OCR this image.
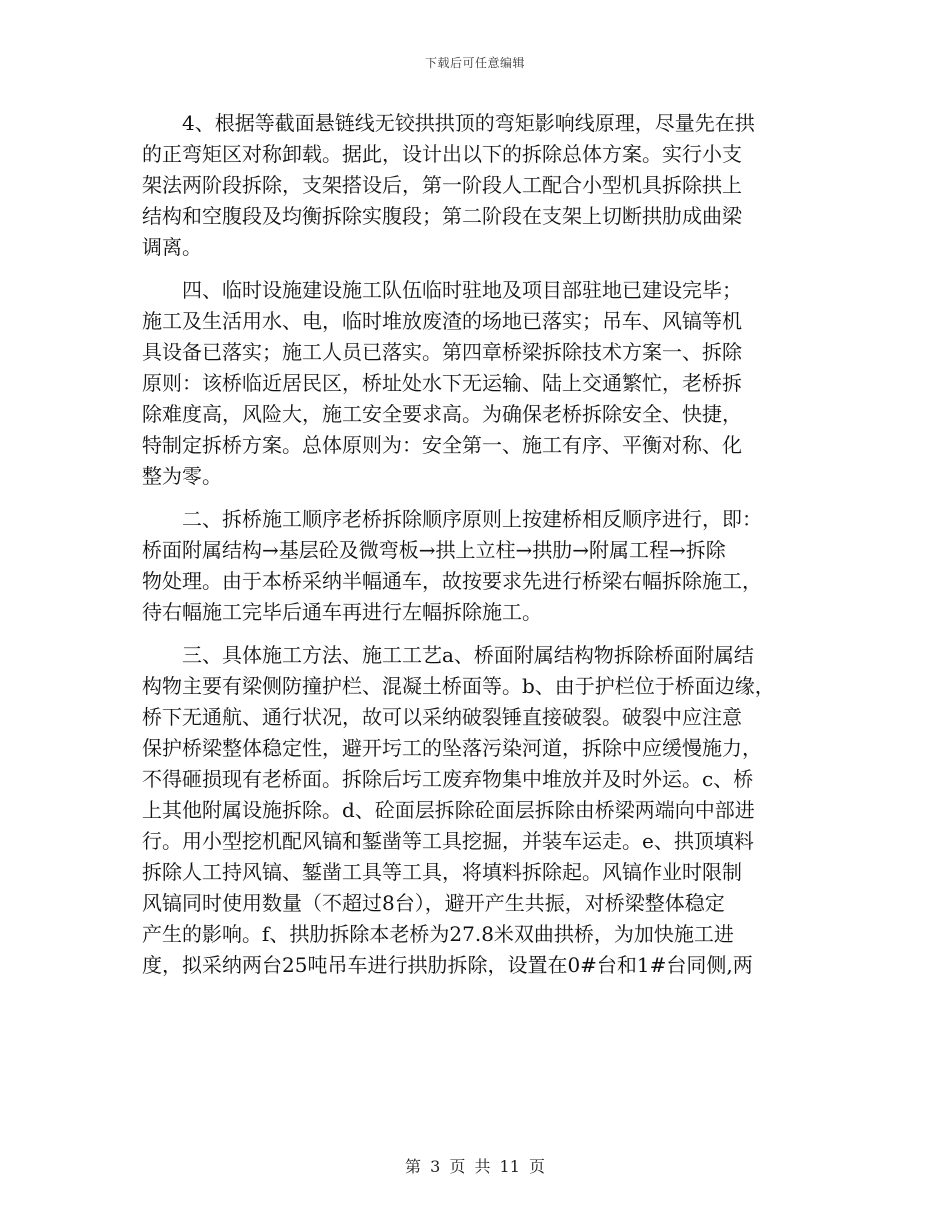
下载后可任意编辑
　　4、根据等截面悬链线无铰拱拱顶的弯矩影响线原理，尽量先在拱
的正弯矩区对称卸载。据此，设计出以下的拆除总体方案。实行小支
架法两阶段拆除，支架搭设后，第一阶段人工配合小型机具拆除拱上
结构和空腹段及均衡拆除实腹段；第二阶段在支架上切断拱肋成曲梁
调离。
　　四、临时设施建设施工队伍临时驻地及项目部驻地已建设完毕；
施工及生活用水、电，临时堆放废渣的场地已落实；吊车、风镐等机
具设备已落实；施工人员已落实。第四章桥梁拆除技术方案一、拆除
原则：该桥临近居民区，桥址处水下无运输、陆上交通繁忙，老桥拆
除难度高，风险大，施工安全要求高。为确保老桥拆除安全、快捷，
特制定拆桥方案。总体原则为：安全第一、施工有序、平衡对称、化
整为零。
　　二、拆桥施工顺序老桥拆除顺序原则上按建桥相反顺序进行，即：
桥面附属结构→基层砼及微弯板→拱上立柱→拱肋→附属工程→拆除
物处理。由于本桥采纳半幅通车，故按要求先进行桥梁右幅拆除施工，
待右幅施工完毕后通车再进行左幅拆除施工。
　　三、具体施工方法、施工工艺a、桥面附属结构物拆除桥面附属结
构物主要有梁侧防撞护栏、混凝土桥面等。b、由于护栏位于桥面边缘，
桥下无通航、通行状况，故可以采纳破裂锤直接破裂。破裂中应注意
保护桥梁整体稳定性，避开圬工的坠落污染河道，拆除中应缓慢施力，
不得砸损现有老桥面。拆除后圬工废弃物集中堆放并及时外运。c、桥
上其他附属设施拆除。d、砼面层拆除砼面层拆除由桥梁两端向中部进
行。用小型挖机配风镐和錾凿等工具挖掘，并装车运走。e、拱顶填料
拆除人工持风镐、錾凿工具等工具，将填料拆除起。风镐作业时限制
风镐同时使用数量（不超过8台），避开产生共振，对桥梁整体稳定
产生的影响。f、拱肋拆除本老桥为27.8米双曲拱桥，为加快施工进
度，拟采纳两台25吨吊车进行拱肋拆除，设置在0#台和1#台同侧,两
第 3 页 共 11 页
